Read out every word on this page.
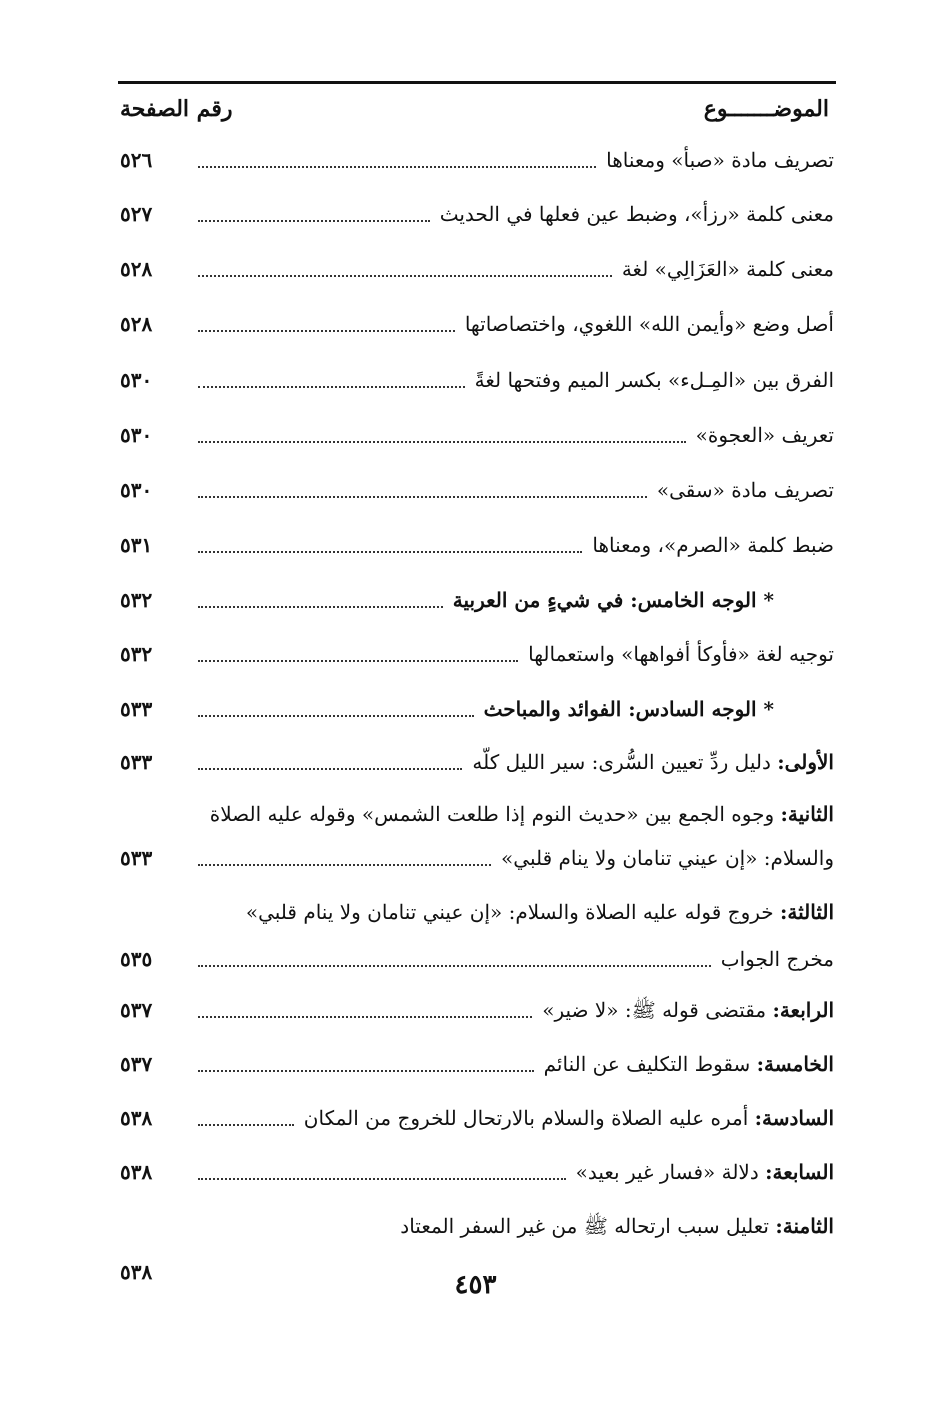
الموضـــــــوع
رقم الصفحة
تصريف مادة «صبأ» ومعناها
٥٢٦
معنى كلمة «رزأ»، وضبط عين فعلها في الحديث
٥٢٧
معنى كلمة «العَزَالِي» لغة
٥٢٨
أصل وضع «وأيمن الله» اللغوي، واختصاصاتها
٥٢٨
الفرق بين «المِـلء» بكسر الميم وفتحها لغةً
٥٣٠
تعريف «العجوة»
٥٣٠
تصريف مادة «سقى»
٥٣٠
ضبط كلمة «الصرم»، ومعناها
٥٣١
* الوجه الخامس: في شيءٍ من العربية
٥٣٢
توجيه لغة «فأوكأ أفواهها» واستعمالها
٥٣٢
* الوجه السادس: الفوائد والمباحث
٥٣٣
الأولى: دليل ردِّ تعيين السُّرى: سير الليل كلّه
٥٣٣
الثانية: وجوه الجمع بين «حديث النوم إذا طلعت الشمس» وقوله عليه الصلاة
والسلام: «إن عيني تنامان ولا ينام قلبي»
٥٣٣
الثالثة: خروج قوله عليه الصلاة والسلام: «إن عيني تنامان ولا ينام قلبي»
مخرج الجواب
٥٣٥
الرابعة: مقتضى قوله ﷺ: «لا ضير»
٥٣٧
الخامسة: سقوط التكليف عن النائم
٥٣٧
السادسة: أمره عليه الصلاة والسلام بالارتحال للخروج من المكان
٥٣٨
السابعة: دلالة «فسار غير بعيد»
٥٣٨
الثامنة: تعليل سبب ارتحاله ﷺ من غير السفر المعتاد
٥٣٨	٤٥٣
